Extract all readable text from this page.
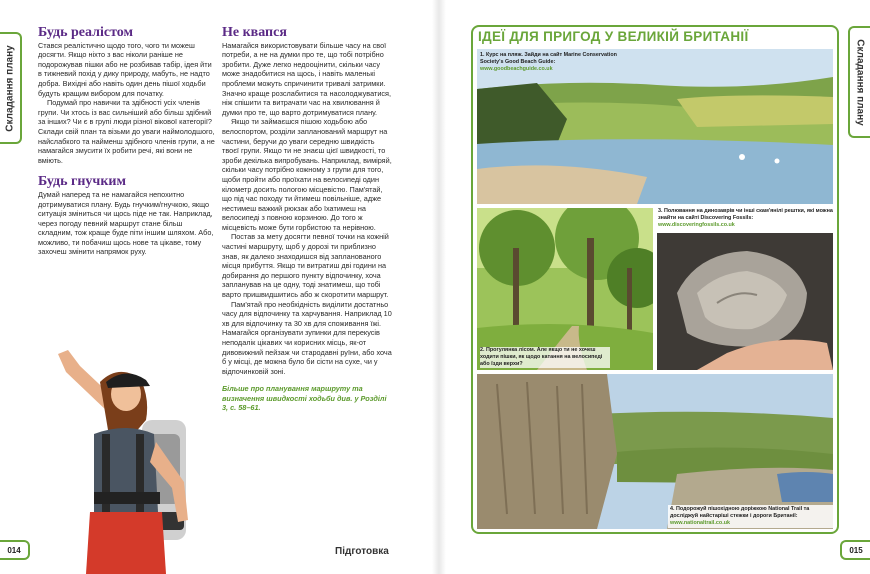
Складання плану	Складання плану
Будь реалістом

Стався реалістично щодо того, чого ти можеш досягти. Якщо ніхто з вас ніколи раніше не подорожував пішки або не розбивав табір, ідея йти в тижневий похід у дику природу, мабуть, не надто добра. Вихідні або навіть один день пішої ходьби будуть кращим вибором для початку.

Подумай про навички та здібності усіх членів групи. Чи хтось із вас сильніший або більш здібний за інших? Чи є в групі люди різної вікової категорії? Склади свій план та візьми до уваги наймолодшого, найслабкого та найменш здібного членів групи, а не намагайся змусити їх робити речі, які вони не вміють.

Будь гнучким

Думай наперед та не намагайся непохитно дотримуватися плану. Будь гнучким/гнучкою, якщо ситуація зміниться чи щось піде не так. Наприклад, через погоду певний маршрут стане більш складним, тож краще буде піти іншим шляхом. Або, можливо, ти побачиш щось нове та цікаве, тому захочеш змінити напрямок руху.

Не квапся

Намагайся використовувати більше часу на свої потреби, а не на думки про те, що тобі потрібно зробити. Дуже легко недооцінити, скільки часу може знадобитися на щось, і навіть маленькі проблеми можуть спричинити тривалі затримки. Значно краще розслабитися та насолоджуватися, ніж спішити та витрачати час на хвилювання й думки про те, що варто дотримуватися плану.

Якщо ти займаєшся пішою ходьбою або велоспортом, розділи запланований маршрут на частини, беручи до уваги середню швидкість твоєї групи. Якщо ти не знаєш цієї швидкості, то зроби декілька випробувань. Наприклад, виміряй, скільки часу потрібно кожному з групи для того, щоби пройти або проїхати на велосипеді один кілометр досить пологою місцевістю. Пам'ятай, що під час походу ти йтимеш повільніше, адже нестимеш важкий рюкзак або їхатимеш на велосипеді з повною корзиною. До того ж місцевість може бути горбистою та нерівною.

Постав за мету досягти певної точки на кожній частині маршруту, щоб у дорозі ти приблизно знав, як далеко знаходишся від запланованого місця прибуття. Якщо ти витратиш дві години на добирання до першого пункту відпочинку, хоча запланував на це одну, тоді знатимеш, що тобі варто пришвидшитись або ж скоротити маршрут.

Пам'ятай про необхідність виділити достатньо часу для відпочинку та харчування. Наприклад 10 хв для відпочинку та 30 хв для споживання їжі. Намагайся організувати зупинки для перекусів неподалік цікавих чи корисних місць, як-от дивовижний пейзаж чи стародавні руїни, або хоча б у місці, де можна було би сісти на сухе, чи у відпочинковій зоні.

Більше про планування маршруту та визначення швидкості ходьби див. у Розділі 3, с. 58–61.

014	Підготовка
ІДЕЇ ДЛЯ ПРИГОД У ВЕЛИКІЙ БРИТАНІЇ
1. Курс на пляж. Зайди на сайт Marine Conservation Society's Good Beach Guide:
www.goodbeachguide.co.uk
2. Прогулянка лісом. Але якщо ти не хочеш ходити пішки, як щодо катання на велосипеді або їзди верхи?
3. Полювання на динозаврів чи інші скам'янілі рештки, які можна знайти на сайті Discovering Fossils:
www.discoveringfossils.co.uk
4. Подорожуй пішохідною доріжкою National Trail та досліджуй найстаріші стежки і дороги Британії:
www.nationaltrail.co.uk
015
